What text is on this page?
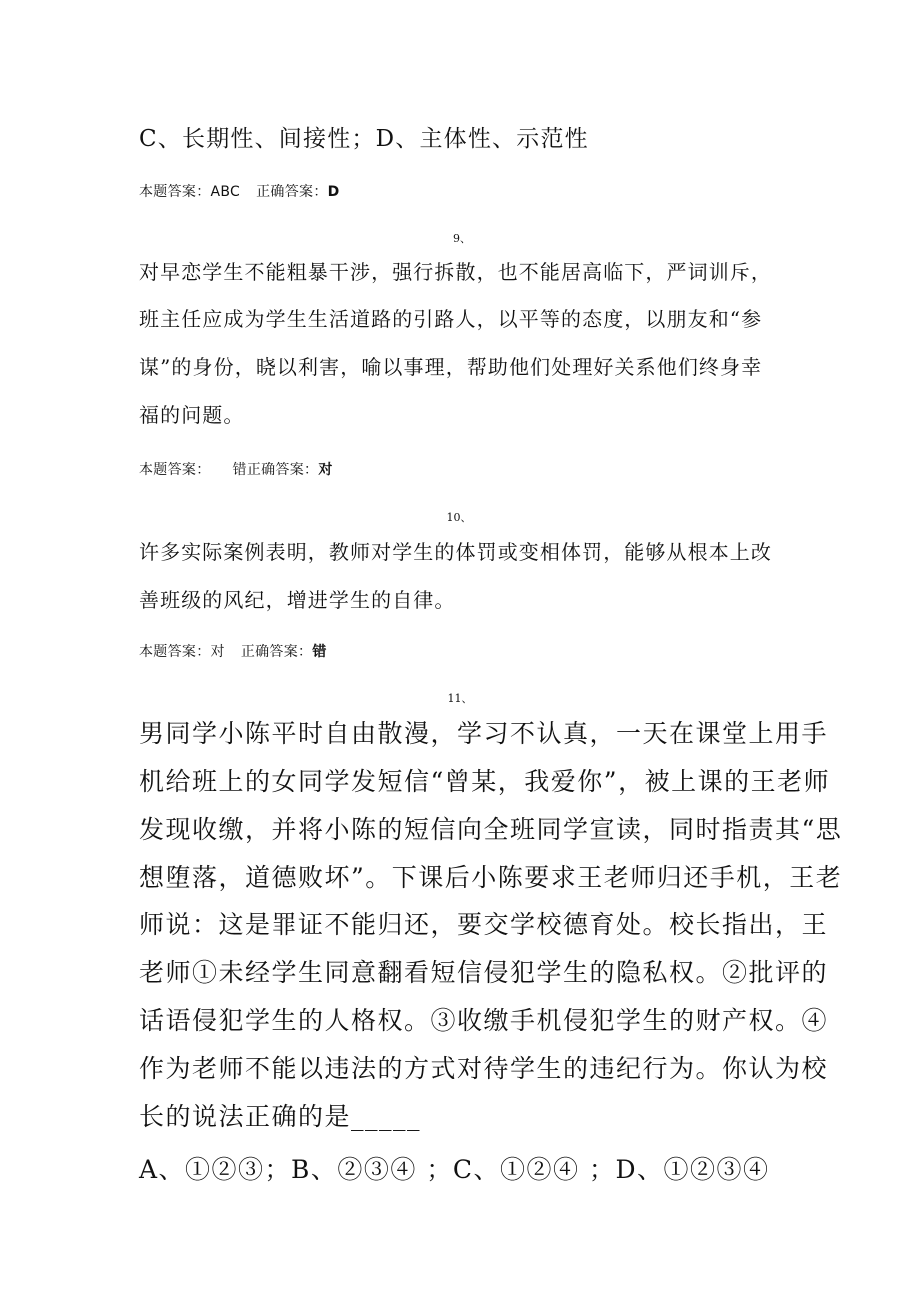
C、长期性、间接性；D、主体性、示范性

本题答案：ABC 正确答案：D

9、

对早恋学生不能粗暴干涉，强行拆散，也不能居高临下，严词训斥，

班主任应成为学生生活道路的引路人，以平等的态度，以朋友和“参

谋”的身份，晓以利害，喻以事理，帮助他们处理好关系他们终身幸

福的问题。

本题答案： 错正确答案：对

10、

许多实际案例表明，教师对学生的体罚或变相体罚，能够从根本上改

善班级的风纪，增进学生的自律。

本题答案：对 正确答案：错

11、

男同学小陈平时自由散漫，学习不认真，一天在课堂上用手

机给班上的女同学发短信“曾某，我爱你”，被上课的王老师

发现收缴，并将小陈的短信向全班同学宣读，同时指责其“思

想堕落，道德败坏”。下课后小陈要求王老师归还手机，王老

师说：这是罪证不能归还，要交学校德育处。校长指出，王

老师①未经学生同意翻看短信侵犯学生的隐私权。②批评的

话语侵犯学生的人格权。③收缴手机侵犯学生的财产权。④

作为老师不能以违法的方式对待学生的违纪行为。你认为校

长的说法正确的是_____

A、①②③；B、②③④ ；C、①②④ ；D、①②③④
